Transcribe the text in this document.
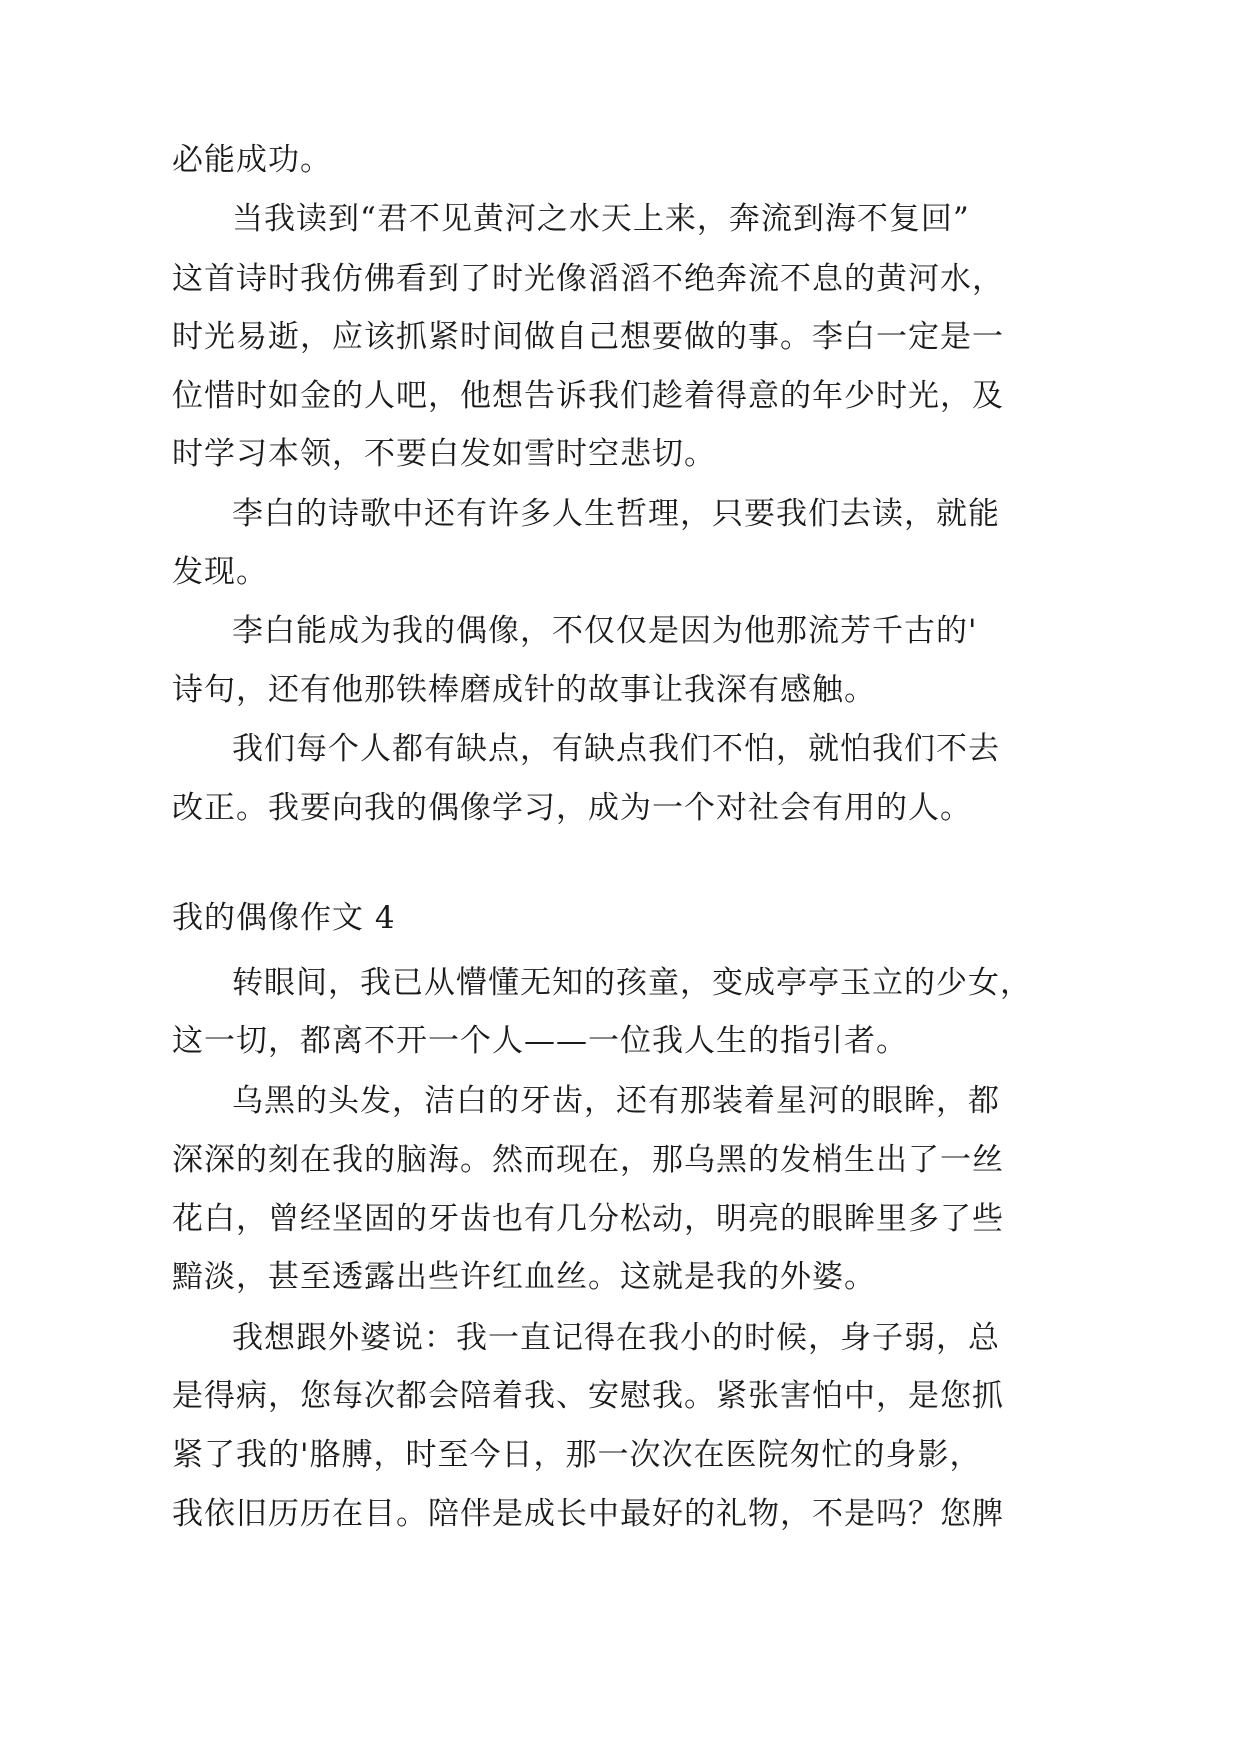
必能成功。
当我读到“君不见黄河之水天上来，奔流到海不复回”
这首诗时我仿佛看到了时光像滔滔不绝奔流不息的黄河水，
时光易逝，应该抓紧时间做自己想要做的事。李白一定是一
位惜时如金的人吧，他想告诉我们趁着得意的年少时光，及
时学习本领，不要白发如雪时空悲切。
李白的诗歌中还有许多人生哲理，只要我们去读，就能
发现。
李白能成为我的偶像，不仅仅是因为他那流芳千古的'
诗句，还有他那铁棒磨成针的故事让我深有感触。
我们每个人都有缺点，有缺点我们不怕，就怕我们不去
改正。我要向我的偶像学习，成为一个对社会有用的人。
我的偶像作文 4
转眼间，我已从懵懂无知的孩童，变成亭亭玉立的少女，
这一切，都离不开一个人——一位我人生的指引者。
乌黑的头发，洁白的牙齿，还有那装着星河的眼眸，都
深深的刻在我的脑海。然而现在，那乌黑的发梢生出了一丝
花白，曾经坚固的牙齿也有几分松动，明亮的眼眸里多了些
黯淡，甚至透露出些许红血丝。这就是我的外婆。
我想跟外婆说：我一直记得在我小的时候，身子弱，总
是得病，您每次都会陪着我、安慰我。紧张害怕中，是您抓
紧了我的'胳膊，时至今日，那一次次在医院匆忙的身影，
我依旧历历在目。陪伴是成长中最好的礼物，不是吗？您脾
